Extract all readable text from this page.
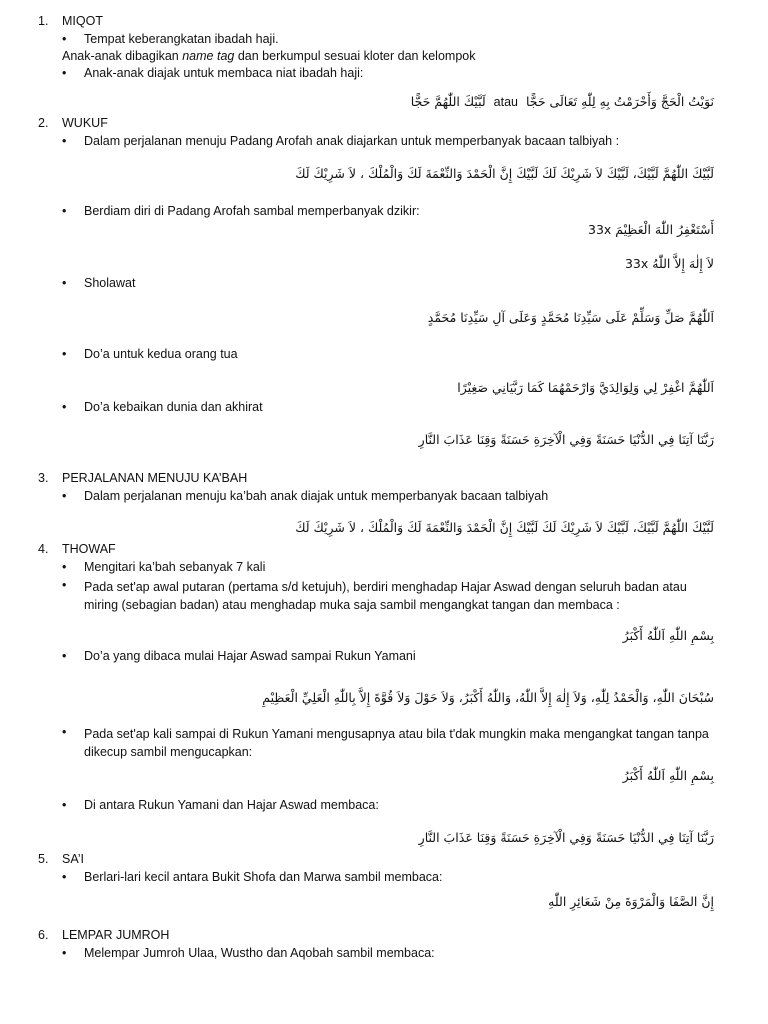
1. MIQOT
•	Tempat keberangkatan ibadah haji.
Anak-anak dibagikan name tag dan berkumpul sesuai kloter dan kelompok
•	Anak-anak diajak untuk membaca niat ibadah haji:
نَوَيْتُ الْحَجَّ وَأَحْرَمْتُ بِهِ لِلّٰهِ تَعَالَى حَجًّا  atau  لَبَّيْكَ اللّٰهُمَّ حَجًّا
2. WUKUF
•	Dalam perjalanan menuju Padang Arofah anak diajarkan untuk memperbanyak bacaan talbiyah :
لَبَّيْكَ اللّٰهُمَّ لَبَّيْكَ، لَبَّيْكَ لاَ شَرِيْكَ لَكَ لَبَّيْكَ إِنَّ الْحَمْدَ وَالنِّعْمَةَ لَكَ وَالْمُلْكَ ، لاَ شَرِيْكَ لَكَ
•	Berdiam diri di Padang Arofah sambal memperbanyak dzikir:
أَسْتَغْفِرُ اللّٰهَ الْعَظِيْمَ 33x
لاَ إِلٰهَ إِلاَّ اللّٰهُ 33x
•	Sholawat
اَللّٰهُمَّ صَلِّ وَسَلِّمْ عَلَى سَيِّدِنَا مُحَمَّدٍ وَعَلَى آلِ سَيِّدِنَا مُحَمَّدٍ
•	Do’a untuk kedua orang tua
اَللّٰهُمَّ اغْفِرْ لِي وَلِوَالِدَيَّ وَارْحَمْهُمَا كَمَا رَبَّيَانِي صَغِيْرًا
•	Do’a kebaikan dunia dan akhirat
رَبَّنَا آتِنَا فِي الدُّنْيَا حَسَنَةً وَفِي الْآخِرَةِ حَسَنَةً وَقِنَا عَذَابَ النَّارِ
3. PERJALANAN MENUJU KA’BAH
•	Dalam perjalanan menuju ka’bah anak diajak untuk memperbanyak bacaan talbiyah
لَبَّيْكَ اللّٰهُمَّ لَبَّيْكَ، لَبَّيْكَ لاَ شَرِيْكَ لَكَ لَبَّيْكَ إِنَّ الْحَمْدَ وَالنِّعْمَةَ لَكَ وَالْمُلْكَ ، لاَ شَرِيْكَ لَكَ
4. THOWAF
•	Mengitari ka’bah sebanyak 7 kali
•	Pada set'ap awal putaran (pertama s/d ketujuh), berdiri menghadap Hajar Aswad dengan seluruh badan atau miring (sebagian badan) atau menghadap muka saja sambil mengangkat tangan dan membaca :
بِسْمِ اللّٰهِ اَللّٰهُ أَكْبَرُ
•	Do’a yang dibaca mulai Hajar Aswad sampai Rukun Yamani
سُبْحَانَ اللّٰهِ، وَالْحَمْدُ لِلّٰهِ، وَلاَ إِلٰهَ إِلاَّ اللّٰهُ، وَاللّٰهُ أَكْبَرُ، وَلاَ حَوْلَ وَلاَ قُوَّةَ إِلاَّ بِاللّٰهِ الْعَلِيِّ الْعَظِيْمِ
•	Pada set'ap kali sampai di Rukun Yamani mengusapnya atau bila t'dak mungkin maka mengangkat tangan tanpa dikecup sambil mengucapkan:
بِسْمِ اللّٰهِ اَللّٰهُ أَكْبَرُ
•	Di antara Rukun Yamani dan Hajar Aswad membaca:
رَبَّنَا آتِنَا فِي الدُّنْيَا حَسَنَةً وَفِي الْآخِرَةِ حَسَنَةً وَقِنَا عَذَابَ النَّارِ
5. SA’I
•	Berlari-lari kecil antara Bukit Shofa dan Marwa sambil membaca:
إِنَّ الصَّفَا وَالْمَرْوَةَ مِنْ شَعَائِرِ اللّٰهِ
6. LEMPAR JUMROH
•	Melempar Jumroh Ulaa, Wustho dan Aqobah sambil membaca:
